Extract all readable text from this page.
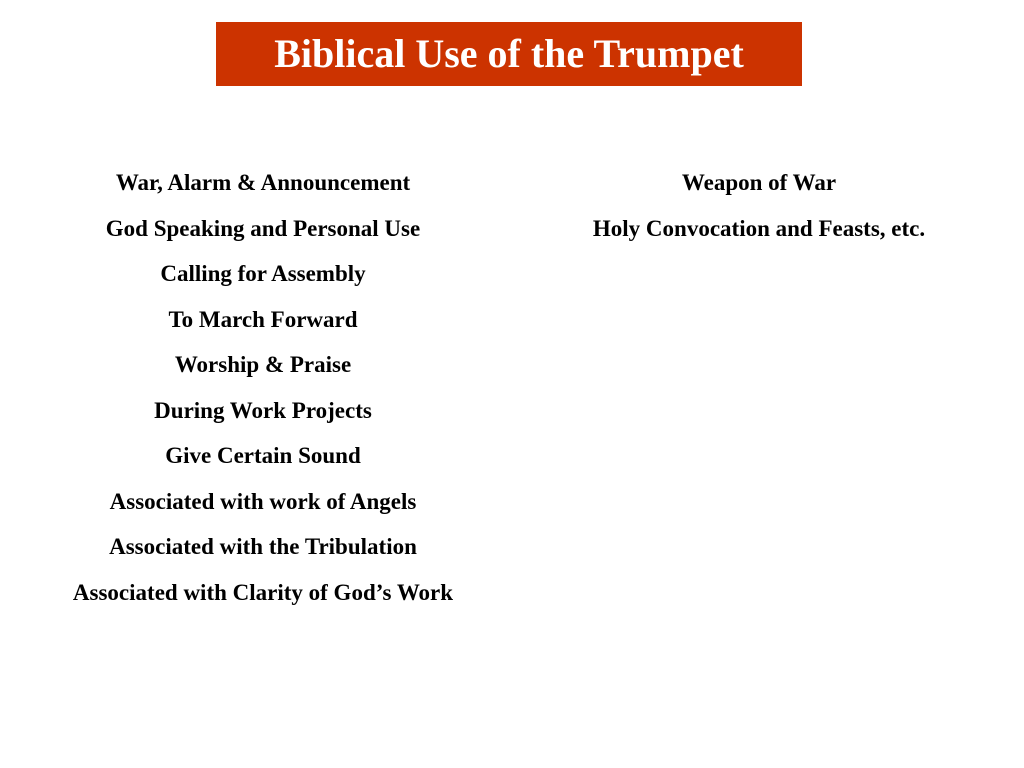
Biblical Use of the Trumpet
War, Alarm & Announcement
God Speaking and Personal Use
Calling for Assembly
To March Forward
Worship & Praise
During Work Projects
Give Certain Sound
Associated with work of Angels
Associated with the Tribulation
Associated with Clarity of God’s Work
Weapon of War
Holy Convocation and Feasts, etc.
